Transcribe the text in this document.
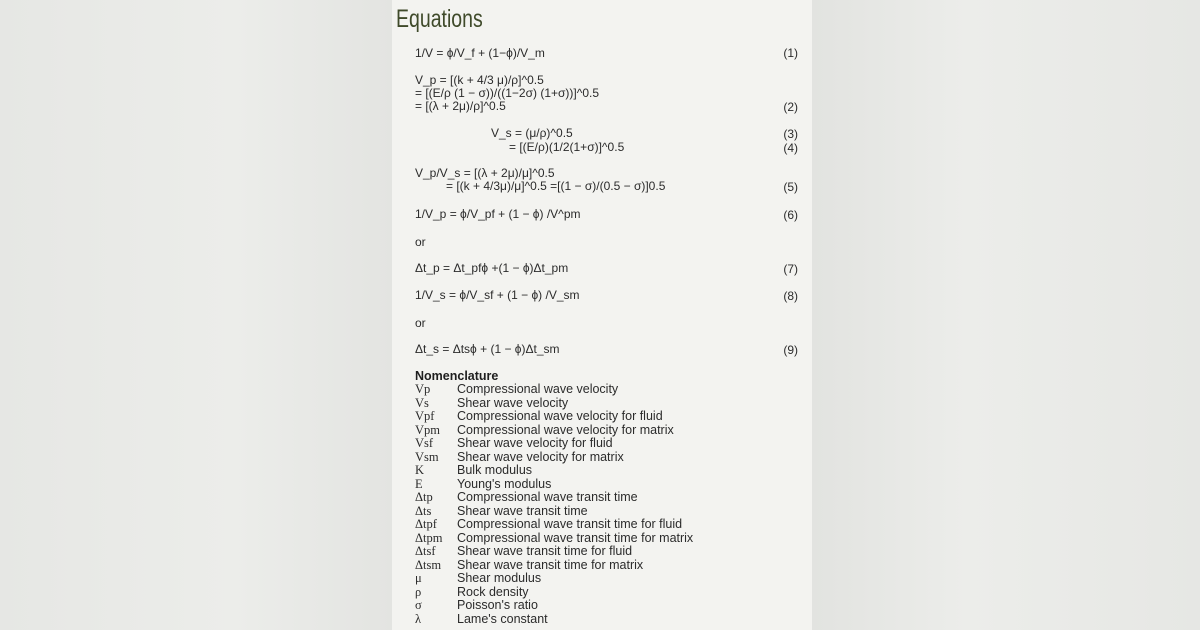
Equations
1/V = ϕ/V_f + (1−ϕ)/V_m	(1)
V_p = [(k + 4/3 μ)/ρ]^0.5
= [(E/ρ (1 − σ))/((1−2σ) (1+σ))]^0.5
= [(λ + 2μ)/ρ]^0.5	(2)
V_s = (μ/ρ)^0.5	(3)
= [(E/ρ)(1/2(1+σ)]^0.5	(4)
V_p/V_s = [(λ + 2μ)/μ]^0.5
= [(k + 4/3μ)/μ]^0.5 =[(1 − σ)/(0.5 − σ)]0.5	(5)
1/V_p = ϕ/V_pf + (1 − ϕ) /V^pm	(6)
or
Δt_p = Δt_pfϕ +(1 − ϕ)Δt_pm	(7)
1/V_s = ϕ/V_sf + (1 − ϕ) /V_sm	(8)
or
Δt_s = Δtsϕ + (1 − ϕ)Δt_sm	(9)
Nomenclature
Vp	Compressional wave velocity
Vs	Shear wave velocity
Vpf	Compressional wave velocity for fluid
Vpm	Compressional wave velocity for matrix
Vsf	Shear wave velocity for fluid
Vsm	Shear wave velocity for matrix
K	Bulk modulus
E	Young's modulus
Δtp	Compressional wave transit time
Δts	Shear wave transit time
Δtpf	Compressional wave transit time for fluid
Δtpm	Compressional wave transit time for matrix
Δtsf	Shear wave transit time for fluid
Δtsm	Shear wave transit time for matrix
μ	Shear modulus
ρ	Rock density
σ	Poisson's ratio
λ	Lame's constant
